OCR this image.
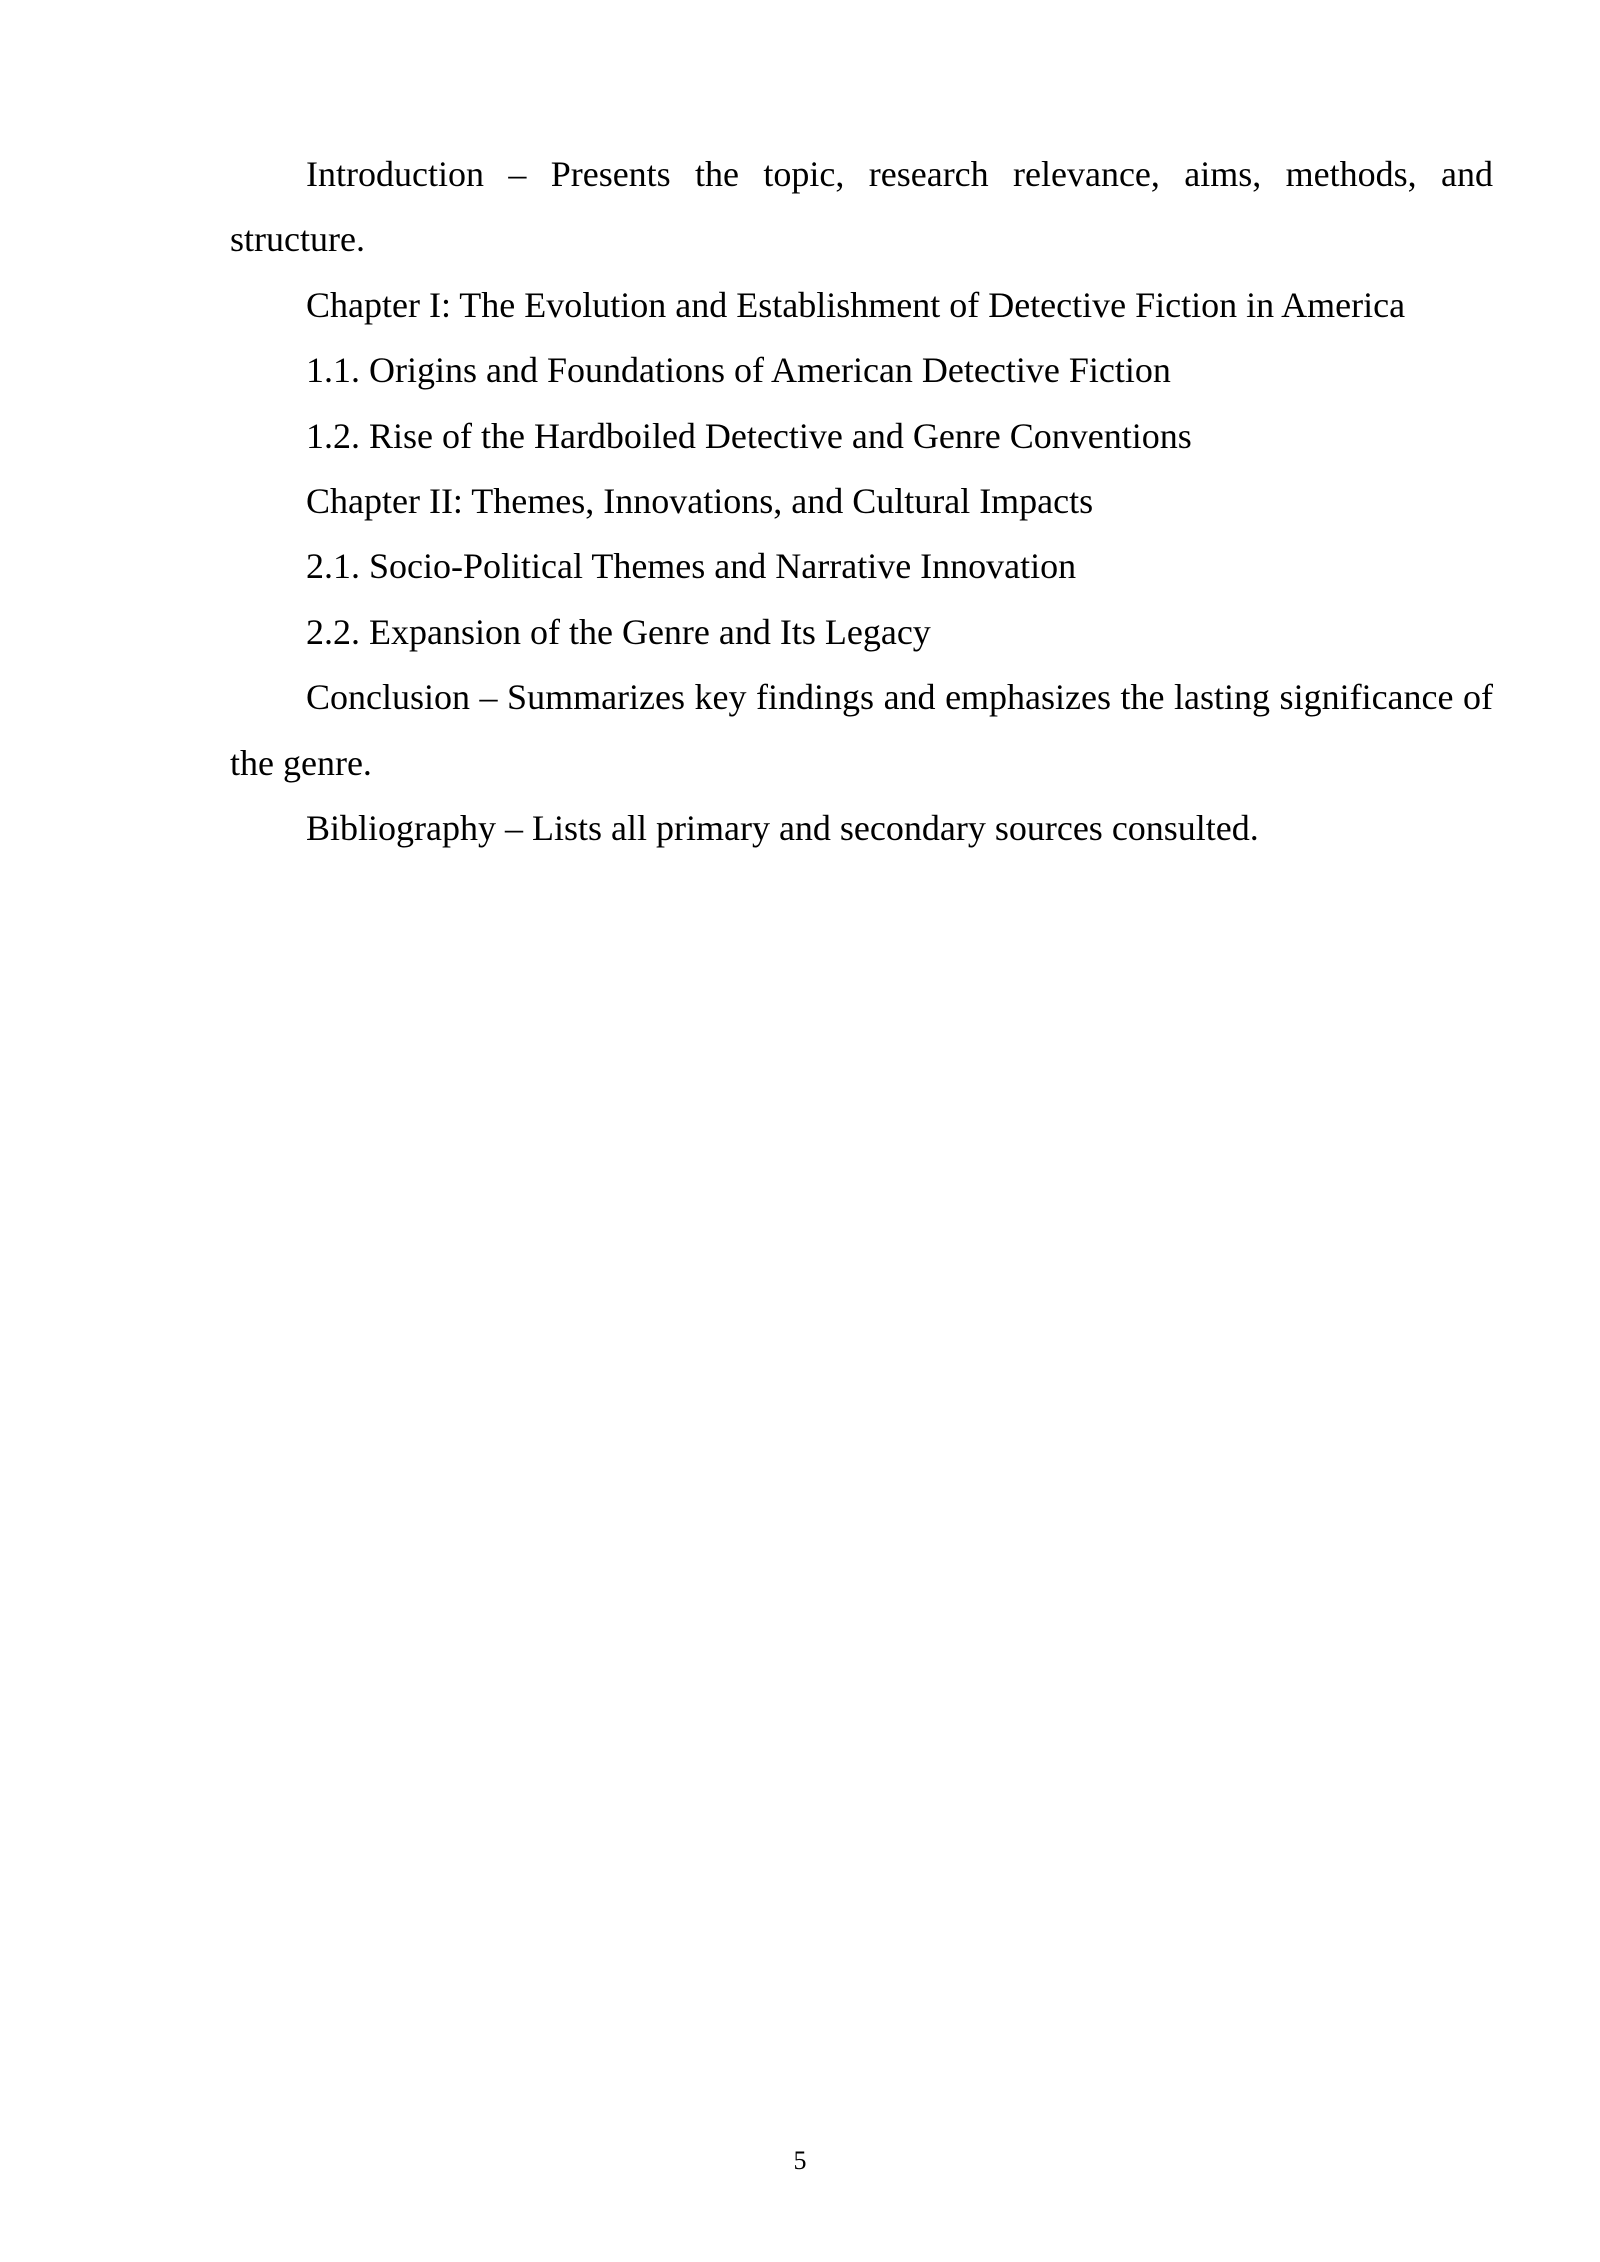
Introduction – Presents the topic, research relevance, aims, methods, and structure.

Chapter I: The Evolution and Establishment of Detective Fiction in America

1.1. Origins and Foundations of American Detective Fiction

1.2. Rise of the Hardboiled Detective and Genre Conventions

Chapter II: Themes, Innovations, and Cultural Impacts

2.1. Socio-Political Themes and Narrative Innovation

2.2. Expansion of the Genre and Its Legacy

Conclusion – Summarizes key findings and emphasizes the lasting significance of the genre.

Bibliography – Lists all primary and secondary sources consulted.

5
